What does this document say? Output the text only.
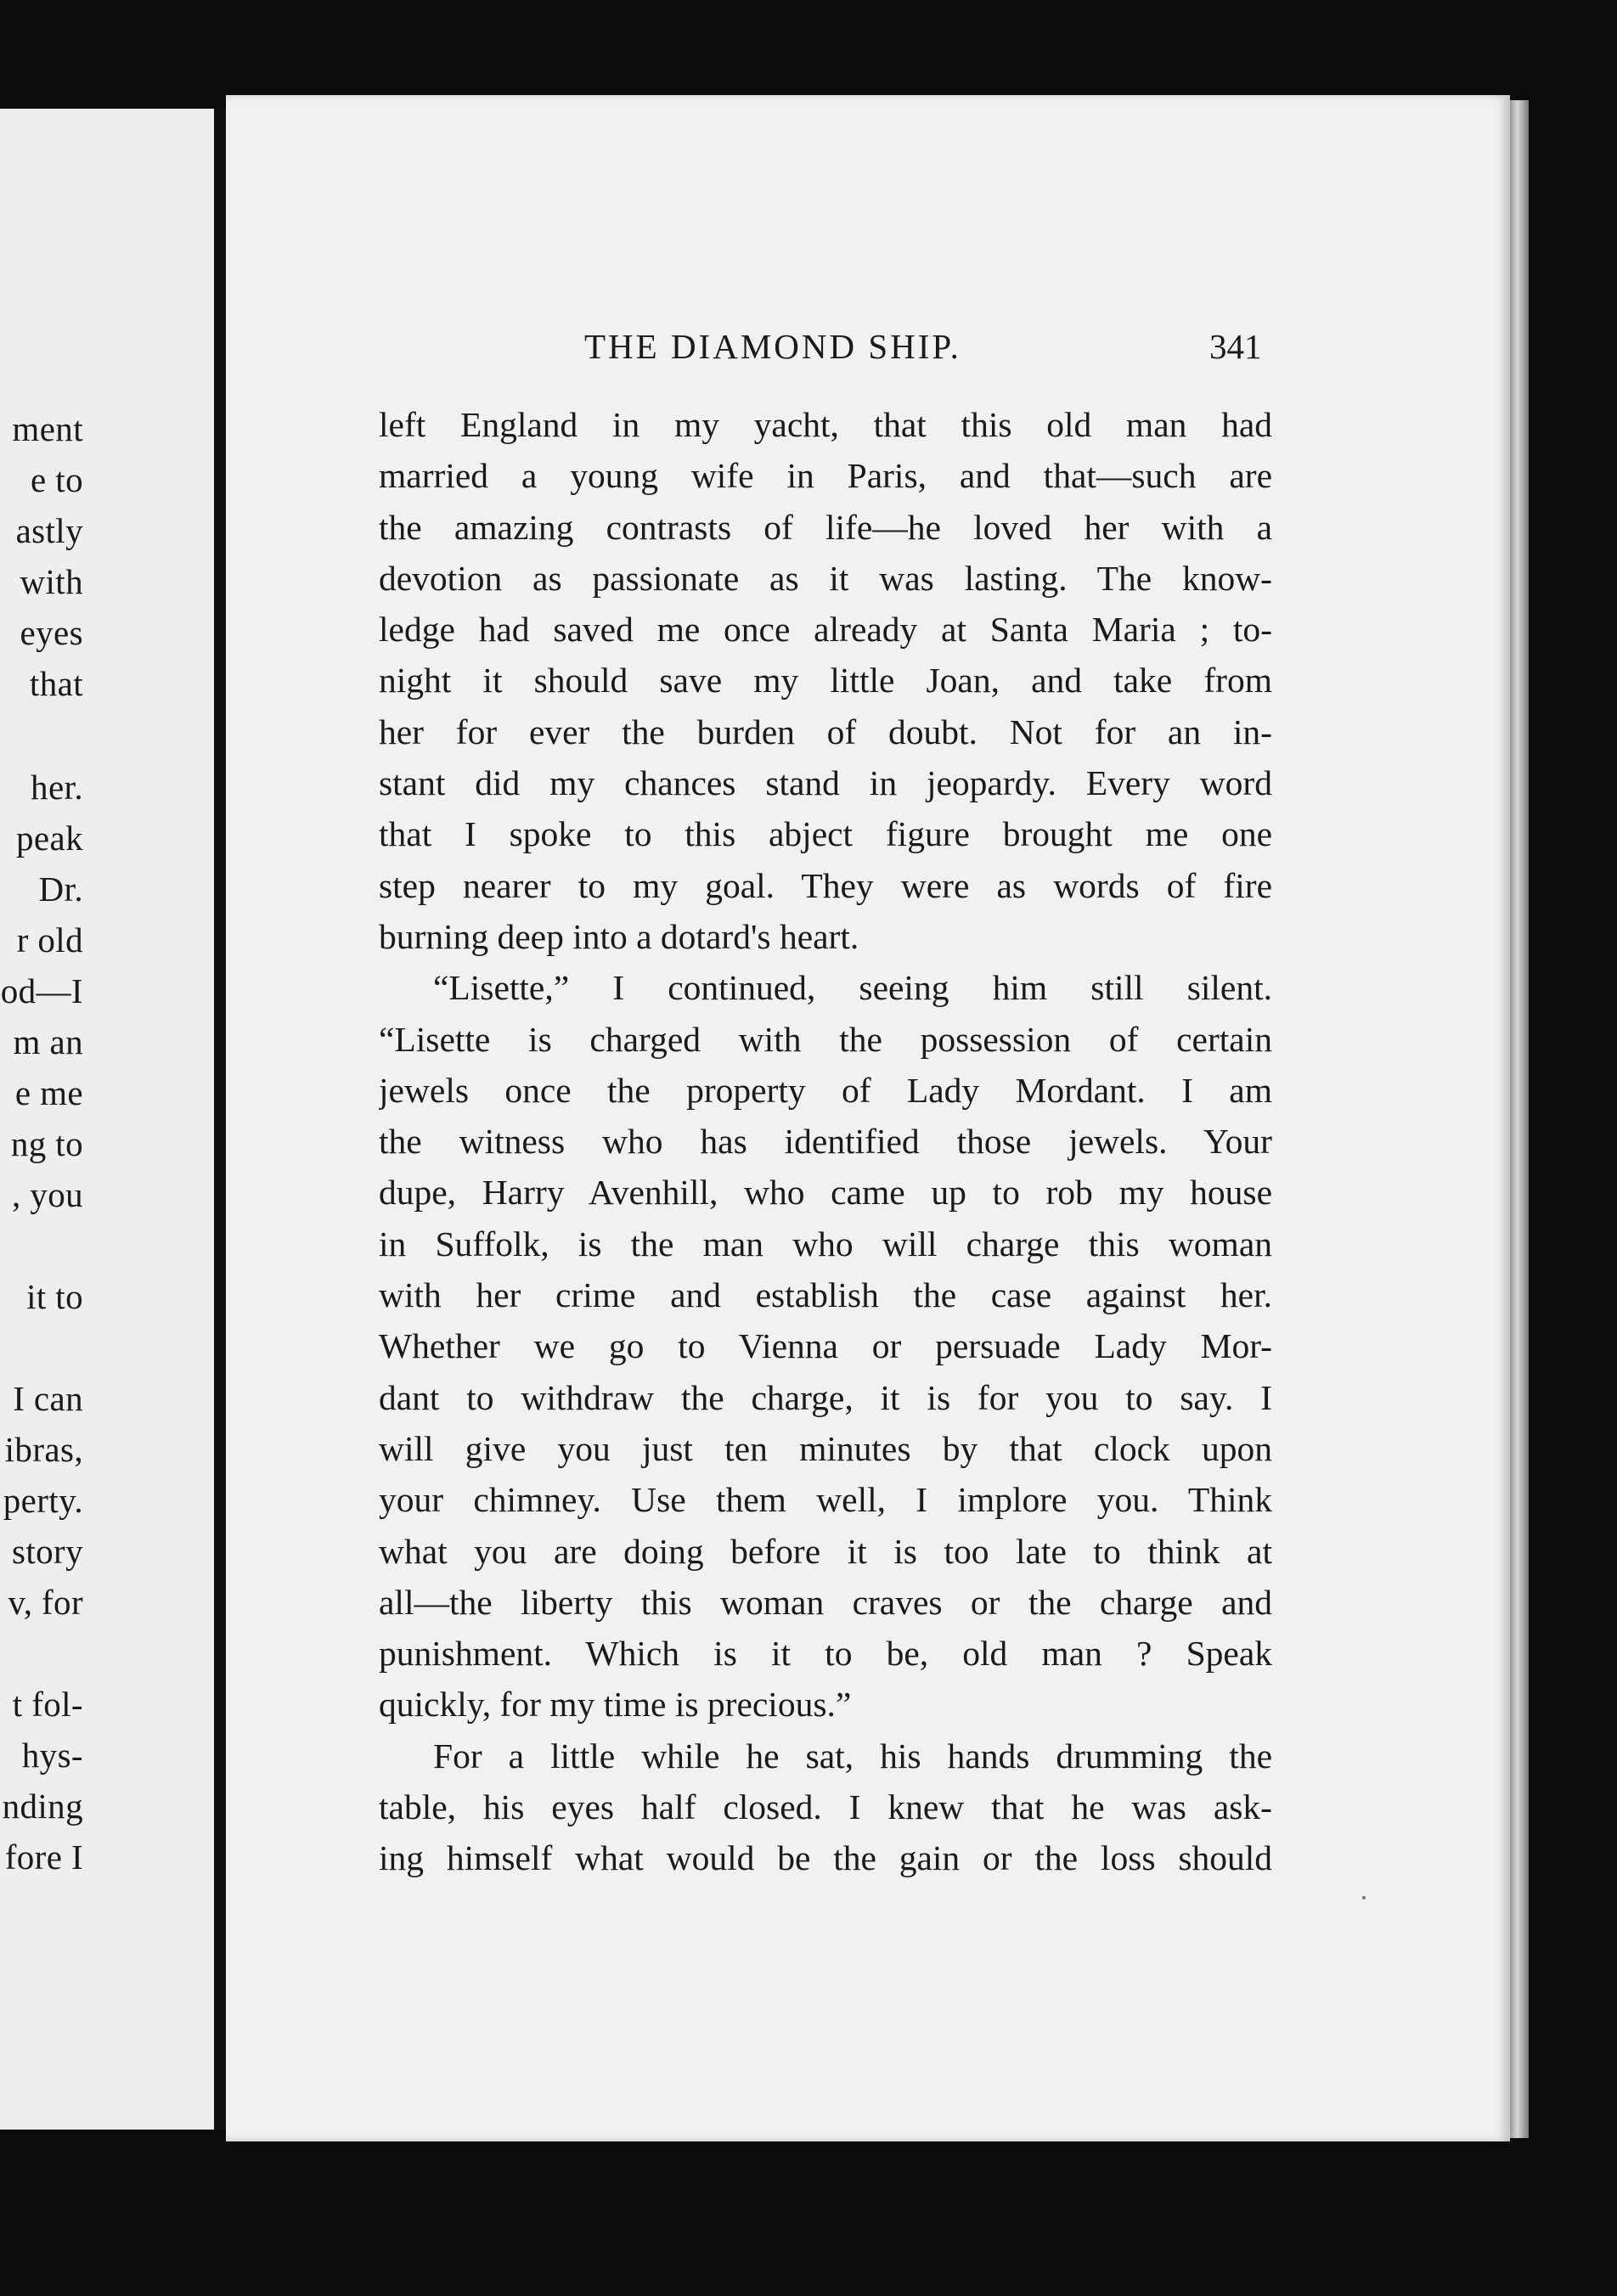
ment
e to
astly
with
eyes
that
her.
peak
Dr.
r old
od—I
m an
e me
ng to
, you
it to
I can
ibras,
perty.
story
v, for
t fol-
hys-
nding
fore I
THE DIAMOND SHIP.	341
left England in my yacht, that this old man had
married a young wife in Paris, and that—such are
the amazing contrasts of life—he loved her with a
devotion as passionate as it was lasting. The know-
ledge had saved me once already at Santa Maria ; to-
night it should save my little Joan, and take from
her for ever the burden of doubt. Not for an in-
stant did my chances stand in jeopardy. Every word
that I spoke to this abject figure brought me one
step nearer to my goal. They were as words of fire
burning deep into a dotard's heart.
“Lisette,” I continued, seeing him still silent.
“Lisette is charged with the possession of certain
jewels once the property of Lady Mordant. I am
the witness who has identified those jewels. Your
dupe, Harry Avenhill, who came up to rob my house
in Suffolk, is the man who will charge this woman
with her crime and establish the case against her.
Whether we go to Vienna or persuade Lady Mor-
dant to withdraw the charge, it is for you to say. I
will give you just ten minutes by that clock upon
your chimney. Use them well, I implore you. Think
what you are doing before it is too late to think at
all—the liberty this woman craves or the charge and
punishment. Which is it to be, old man ? Speak
quickly, for my time is precious.”
For a little while he sat, his hands drumming the
table, his eyes half closed. I knew that he was ask-
ing himself what would be the gain or the loss should
